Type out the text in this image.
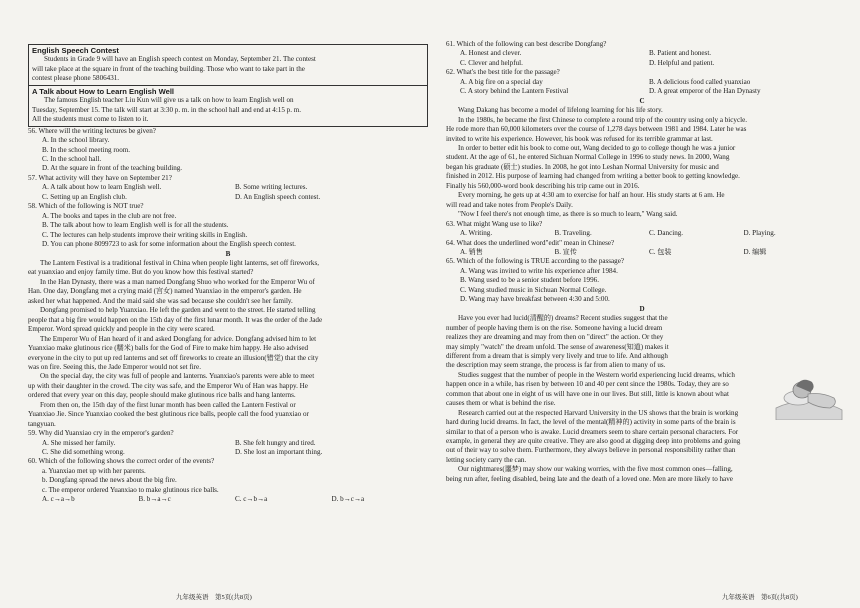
English Speech Contest
Students in Grade 9 will have an English speech contest on Monday, September 21. The contest
will take place at the square in front of the teaching building. Those who want to take part in the
contest please phone 5806431.
A Talk about How to Learn English Well
The famous English teacher Liu Kun will give us a talk on how to learn English well on
Tuesday, September 15. The talk will start at 3:30 p. m. in the school hall and end at 4:15 p. m.
All the students must come to listen to it.
56. Where will the writing lectures be given?
A. In the school library.
B. In the school meeting room.
C. In the school hall.
D. At the square in front of the teaching building.
57. What activity will they have on September 21?
A. A talk about how to learn English well.	B. Some writing lectures.
C. Setting up an English club.	D. An English speech contest.
58. Which of the following is NOT true?
A. The books and tapes in the club are not free.
B. The talk about how to learn English well is for all the students.
C. The lectures can help students improve their writing skills in English.
D. You can phone 8099723 to ask for some information about the English speech contest.
B
The Lantern Festival is a traditional festival in China when people light lanterns, set off fireworks,
eat yuanxiao and enjoy family time. But do you know how this festival started?
In the Han Dynasty, there was a man named Dongfang Shuo who worked for the Emperor Wu of
Han. One day, Dongfang met a crying maid (宫女) named Yuanxiao in the emperor's garden. He
asked her what happened. And the maid said she was sad because she couldn't see her family.
Dongfang promised to help Yuanxiao. He left the garden and went to the street. He started telling
people that a big fire would happen on the 15th day of the first lunar month. It was the order of the Jade
Emperor. Word spread quickly and people in the city were scared.
The Emperor Wu of Han heard of it and asked Dongfang for advice. Dongfang advised him to let
Yuanxiao make glutinous rice (糯米) balls for the God of Fire to make him happy. He also advised
everyone in the city to put up red lanterns and set off fireworks to create an illusion(错觉) that the city
was on fire. Seeing this, the Jade Emperor would not set fire.
On the special day, the city was full of people and lanterns. Yuanxiao's parents were able to meet
up with their daughter in the crowd. The city was safe, and the Emperor Wu of Han was happy. He
ordered that every year on this day, people should make glutinous rice balls and hang lanterns.
From then on, the 15th day of the first lunar month has been called the Lantern Festival or
Yuanxiao Jie. Since Yuanxiao cooked the best glutinous rice balls, people call the food yuanxiao or
tangyuan.
59. Why did Yuanxiao cry in the emperor's garden?
A. She missed her family.	B. She felt hungry and tired.
C. She did something wrong.	D. She lost an important thing.
60. Which of the following shows the correct order of the events?
a. Yuanxiao met up with her parents.
b. Dongfang spread the news about the big fire.
c. The emperor ordered Yuanxiao to make glutinous rice balls.
A. c→a→b	B. b→a→c	C. c→b→a	D. b→c→a
九年级英语　第5页(共8页)
61. Which of the following can best describe Dongfang?
A. Honest and clever.	B. Patient and honest.
C. Clever and helpful.	D. Helpful and patient.
62. What's the best title for the passage?
A. A big fire on a special day	B. A delicious food called yuanxiao
C. A story behind the Lantern Festival	D. A great emperor of the Han Dynasty
C
Wang Dakang has become a model of lifelong learning for his life story.
In the 1980s, he became the first Chinese to complete a round trip of the country using only a bicycle.
He rode more than 60,000 kilometers over the course of 1,278 days between 1981 and 1984. Later he was
invited to write his experience. However, his book was refused for its terrible grammar at last.
In order to better edit his book to come out, Wang decided to go to college though he was a junior
student. At the age of 61, he entered Sichuan Normal College in 1996 to study news. In 2000, Wang
began his graduate (硕士) studies. In 2008, he got into Leshan Normal University for music and
finished in 2012. His purpose of learning had changed from writing a better book to getting knowledge.
Finally his 560,000-word book describing his trip came out in 2016.
Every morning, he gets up at 4:30 am to exercise for half an hour. His study starts at 6 am. He
will read and take notes from People's Daily.
"Now I feel there's not enough time, as there is so much to learn," Wang said.
63. What might Wang use to like?
A. Writing.	B. Traveling.	C. Dancing.	D. Playing.
64. What does the underlined word"edit" mean in Chinese?
A. 销售	B. 宣传	C. 包装	D. 编辑
65. Which of the following is TRUE according to the passage?
A. Wang was invited to write his experience after 1984.
B. Wang used to be a senior student before 1996.
C. Wang studied music in Sichuan Normal College.
D. Wang may have breakfast between 4:30 and 5:00.
D
Have you ever had lucid(清醒的) dreams? Recent studies suggest that the
number of people having them is on the rise. Someone having a lucid dream
realizes they are dreaming and may from then on "direct" the action. Or they
may simply "watch" the dream unfold. The sense of awareness(知道) makes it
different from a dream that is simply very lively and true to life. And although
the description may seem strange, the process is far from alien to many of us.
Studies suggest that the number of people in the Western world experiencing lucid dreams, which
happen once in a while, has risen by between 10 and 40 per cent since the 1980s. Today, they are so
common that about one in eight of us will have one in our lives. But still, little is known about what
causes them or what is behind the rise.
Research carried out at the respected Harvard University in the US shows that the brain is working
hard during lucid dreams. In fact, the level of the mental(精神的) activity in some parts of the brain is
similar to that of a person who is awake. Lucid dreamers seem to share certain personal characters. For
example, in general they are quite creative. They are also good at digging deep into problems and going
out of their way to solve them. Furthermore, they always believe in personal responsibility rather than
letting society carry the can.
Our nightmares(噩梦) may show our waking worries, with the five most common ones—falling,
being run after, feeling disabled, being late and the death of a loved one. Men are more likely to have
九年级英语　第6页(共8页)
